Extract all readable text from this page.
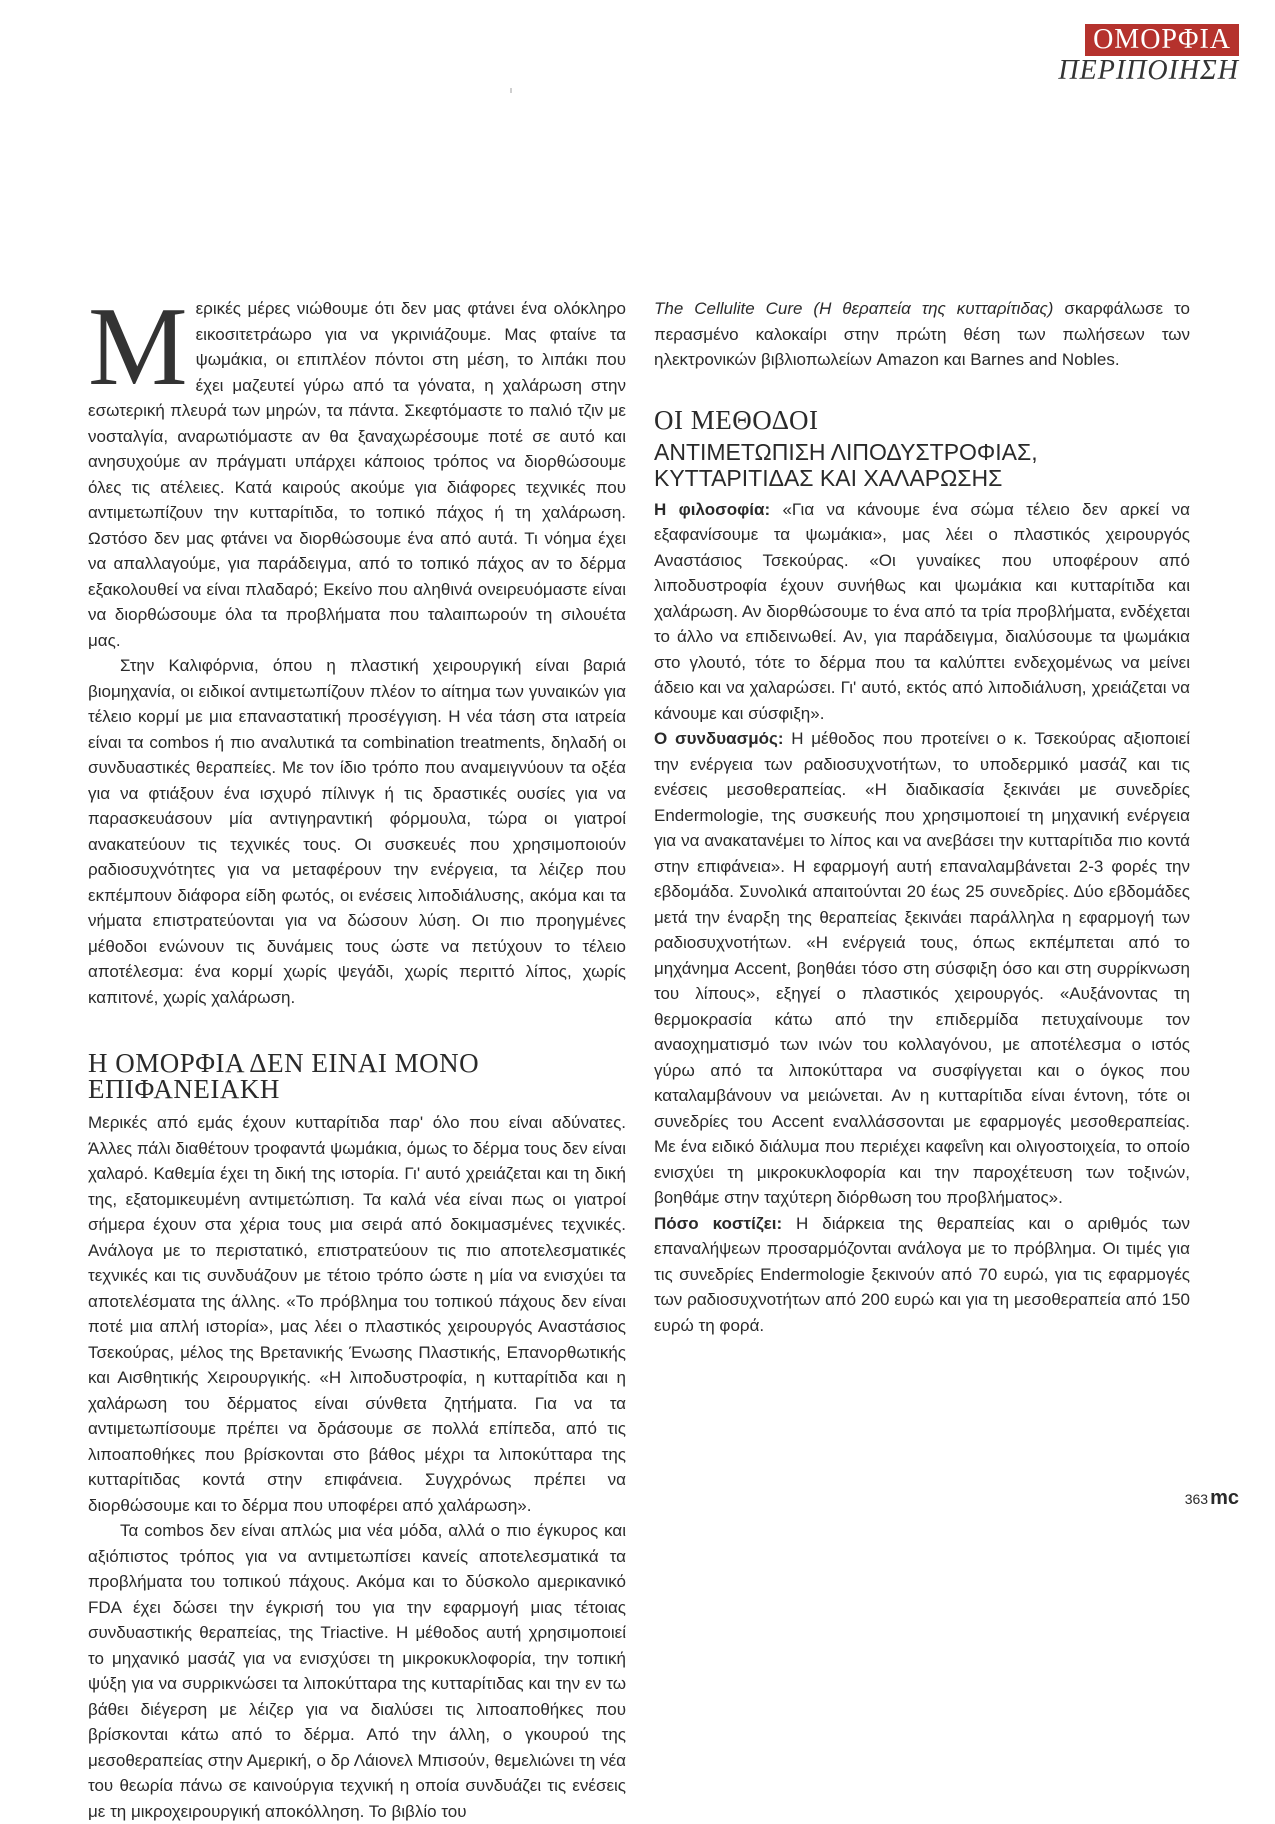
ΟΜΟΡΦΙΑ
ΠΕΡΙΠΟΙΗΣΗ

Μ ερικές μέρες νιώθουμε ότι δεν μας φτάνει ένα ολόκληρο εικοσιτετράωρο για να γκρινιάζουμε. Μας φταίνε τα ψωμάκια, οι επιπλέον πόντοι στη μέση, το λιπάκι που έχει μαζευτεί γύρω από τα γόνατα, η χαλάρωση στην εσωτερική πλευρά των μηρών, τα πάντα. Σκεφτόμαστε το παλιό τζιν με νοσταλγία, αναρωτιόμαστε αν θα ξαναχωρέσουμε ποτέ σε αυτό και ανησυχούμε αν πράγματι υπάρχει κάποιος τρόπος να διορθώσουμε όλες τις ατέλειες. Κατά καιρούς ακούμε για διάφορες τεχνικές που αντιμετωπίζουν την κυτταρίτιδα, το τοπικό πάχος ή τη χαλάρωση. Ωστόσο δεν μας φτάνει να διορθώσουμε ένα από αυτά. Τι νόημα έχει να απαλλαγούμε, για παράδειγμα, από το τοπικό πάχος αν το δέρμα εξακολουθεί να είναι πλαδαρό; Εκείνο που αληθινά ονειρευόμαστε είναι να διορθώσουμε όλα τα προβλήματα που ταλαιπωρούν τη σιλουέτα μας.

Στην Καλιφόρνια, όπου η πλαστική χειρουργική είναι βαριά βιομηχανία, οι ειδικοί αντιμετωπίζουν πλέον το αίτημα των γυναικών για τέλειο κορμί με μια επαναστατική προσέγγιση. Η νέα τάση στα ιατρεία είναι τα combos ή πιο αναλυτικά τα combination treatments, δηλαδή οι συνδυαστικές θεραπείες. Με τον ίδιο τρόπο που αναμειγνύουν τα οξέα για να φτιάξουν ένα ισχυρό πίλινγκ ή τις δραστικές ουσίες για να παρασκευάσουν μία αντιγηραντική φόρμουλα, τώρα οι γιατροί ανακατεύουν τις τεχνικές τους. Οι συσκευές που χρησιμοποιούν ραδιοσυχνότητες για να μεταφέρουν την ενέργεια, τα λέιζερ που εκπέμπουν διάφορα είδη φωτός, οι ενέσεις λιποδιάλυσης, ακόμα και τα νήματα επιστρατεύονται για να δώσουν λύση. Οι πιο προηγμένες μέθοδοι ενώνουν τις δυνάμεις τους ώστε να πετύχουν το τέλειο αποτέλεσμα: ένα κορμί χωρίς ψεγάδι, χωρίς περιττό λίπος, χωρίς καπιτονέ, χωρίς χαλάρωση.

Η ΟΜΟΡΦΙΑ ΔΕΝ ΕΙΝΑΙ ΜΟΝΟ ΕΠΙΦΑΝΕΙΑΚΗ

Μερικές από εμάς έχουν κυτταρίτιδα παρ' όλο που είναι αδύνατες. Άλλες πάλι διαθέτουν τροφαντά ψωμάκια, όμως το δέρμα τους δεν είναι χαλαρό. Καθεμία έχει τη δική της ιστορία. Γι' αυτό χρειάζεται και τη δική της, εξατομικευμένη αντιμετώπιση. Τα καλά νέα είναι πως οι γιατροί σήμερα έχουν στα χέρια τους μια σειρά από δοκιμασμένες τεχνικές. Ανάλογα με το περιστατικό, επιστρατεύουν τις πιο αποτελεσματικές τεχνικές και τις συνδυάζουν με τέτοιο τρόπο ώστε η μία να ενισχύει τα αποτελέσματα της άλλης. «Το πρόβλημα του τοπικού πάχους δεν είναι ποτέ μια απλή ιστορία», μας λέει ο πλαστικός χειρουργός Αναστάσιος Τσεκούρας, μέλος της Βρετανικής Ένωσης Πλαστικής, Επανορθωτικής και Αισθητικής Χειρουργικής. «Η λιποδυστροφία, η κυτταρίτιδα και η χαλάρωση του δέρματος είναι σύνθετα ζητήματα. Για να τα αντιμετωπίσουμε πρέπει να δράσουμε σε πολλά επίπεδα, από τις λιποαποθήκες που βρίσκονται στο βάθος μέχρι τα λιποκύτταρα της κυτταρίτιδας κοντά στην επιφάνεια. Συγχρόνως πρέπει να διορθώσουμε και το δέρμα που υποφέρει από χαλάρωση».

Τα combos δεν είναι απλώς μια νέα μόδα, αλλά ο πιο έγκυρος και αξιόπιστος τρόπος για να αντιμετωπίσει κανείς αποτελεσματικά τα προβλήματα του τοπικού πάχους. Ακόμα και το δύσκολο αμερικανικό FDA έχει δώσει την έγκρισή του για την εφαρμογή μιας τέτοιας συνδυαστικής θεραπείας, της Triactive. Η μέθοδος αυτή χρησιμοποιεί το μηχανικό μασάζ για να ενισχύσει τη μικροκυκλοφορία, την τοπική ψύξη για να συρρικνώσει τα λιποκύτταρα της κυτταρίτιδας και την εν τω βάθει διέγερση με λέιζερ για να διαλύσει τις λιποαποθήκες που βρίσκονται κάτω από το δέρμα. Από την άλλη, ο γκουρού της μεσοθεραπείας στην Αμερική, ο δρ Λάιονελ Μπισούν, θεμελιώνει τη νέα του θεωρία πάνω σε καινούργια τεχνική η οποία συνδυάζει τις ενέσεις με τη μικροχειρουργική αποκόλληση. Το βιβλίο του

The Cellulite Cure (Η θεραπεία της κυτταρίτιδας) σκαρφάλωσε το περασμένο καλοκαίρι στην πρώτη θέση των πωλήσεων των ηλεκτρονικών βιβλιοπωλείων Amazon και Barnes and Nobles.

ΟΙ ΜΕΘΟΔΟΙ
ΑΝΤΙΜΕΤΩΠΙΣΗ ΛΙΠΟΔΥΣΤΡΟΦΙΑΣ, ΚΥΤΤΑΡΙΤΙΔΑΣ ΚΑΙ ΧΑΛΑΡΩΣΗΣ

Η φιλοσοφία: «Για να κάνουμε ένα σώμα τέλειο δεν αρκεί να εξαφανίσουμε τα ψωμάκια», μας λέει ο πλαστικός χειρουργός Αναστάσιος Τσεκούρας. «Οι γυναίκες που υποφέρουν από λιποδυστροφία έχουν συνήθως και ψωμάκια και κυτταρίτιδα και χαλάρωση. Αν διορθώσουμε το ένα από τα τρία προβλήματα, ενδέχεται το άλλο να επιδεινωθεί. Αν, για παράδειγμα, διαλύσουμε τα ψωμάκια στο γλουτό, τότε το δέρμα που τα καλύπτει ενδεχομένως να μείνει άδειο και να χαλαρώσει. Γι' αυτό, εκτός από λιποδιάλυση, χρειάζεται να κάνουμε και σύσφιξη».

Ο συνδυασμός: Η μέθοδος που προτείνει ο κ. Τσεκούρας αξιοποιεί την ενέργεια των ραδιοσυχνοτήτων, το υποδερμικό μασάζ και τις ενέσεις μεσοθεραπείας. «Η διαδικασία ξεκινάει με συνεδρίες Endermologie, της συσκευής που χρησιμοποιεί τη μηχανική ενέργεια για να ανακατανέμει το λίπος και να ανεβάσει την κυτταρίτιδα πιο κοντά στην επιφάνεια». Η εφαρμογή αυτή επαναλαμβάνεται 2-3 φορές την εβδομάδα. Συνολικά απαιτούνται 20 έως 25 συνεδρίες. Δύο εβδομάδες μετά την έναρξη της θεραπείας ξεκινάει παράλληλα η εφαρμογή των ραδιοσυχνοτήτων. «Η ενέργειά τους, όπως εκπέμπεται από το μηχάνημα Accent, βοηθάει τόσο στη σύσφιξη όσο και στη συρρίκνωση του λίπους», εξηγεί ο πλαστικός χειρουργός. «Αυξάνοντας τη θερμοκρασία κάτω από την επιδερμίδα πετυχαίνουμε τον αναοχηματισμό των ινών του κολλαγόνου, με αποτέλεσμα ο ιστός γύρω από τα λιποκύτταρα να συσφίγγεται και ο όγκος που καταλαμβάνουν να μειώνεται. Αν η κυτταρίτιδα είναι έντονη, τότε οι συνεδρίες του Accent εναλλάσσονται με εφαρμογές μεσοθεραπείας. Με ένα ειδικό διάλυμα που περιέχει καφεΐνη και ολιγοστοιχεία, το οποίο ενισχύει τη μικροκυκλοφορία και την παροχέτευση των τοξινών, βοηθάμε στην ταχύτερη διόρθωση του προβλήματος».

Πόσο κοστίζει: Η διάρκεια της θεραπείας και ο αριθμός των επαναλήψεων προσαρμόζονται ανάλογα με το πρόβλημα. Οι τιμές για τις συνεδρίες Endermologie ξεκινούν από 70 ευρώ, για τις εφαρμογές των ραδιοσυχνοτήτων από 200 ευρώ και για τη μεσοθεραπεία από 150 ευρώ τη φορά.

363 mc
